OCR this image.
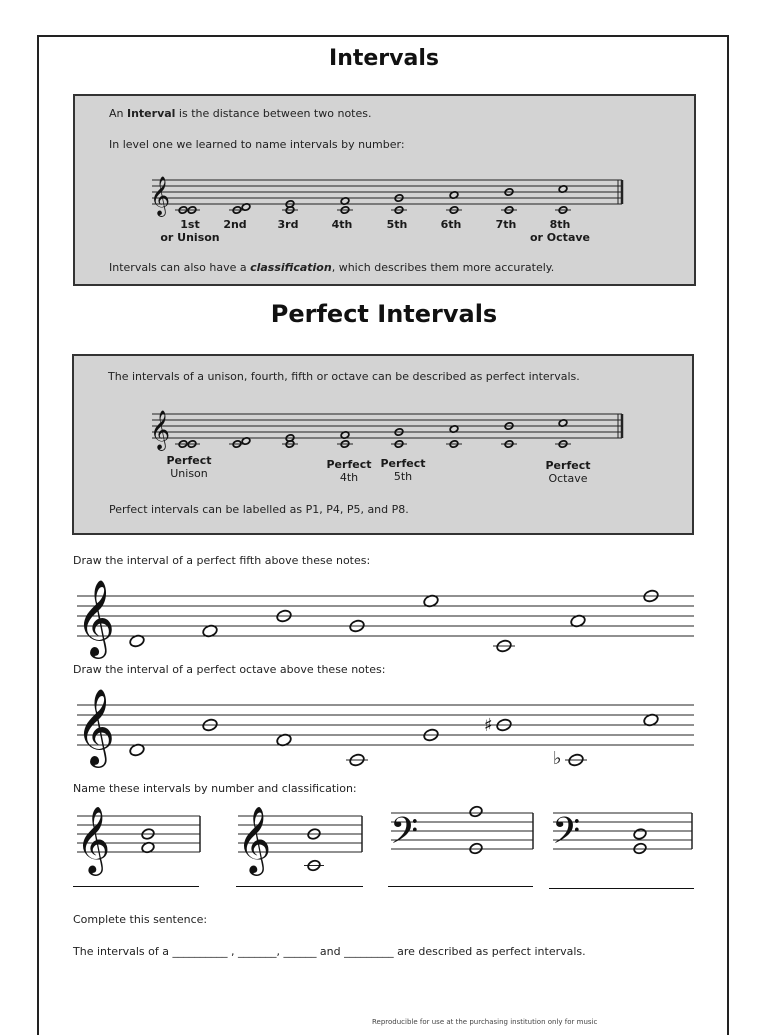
Intervals
An Interval is the distance between two notes.
In level one we learned to name intervals by number:
1st
or Unison
2nd	3rd	4th	5th	6th	7th	8th
or Octave
Intervals can also have a classification, which describes them more accurately.
Perfect Intervals
The intervals of a unison, fourth, fifth or octave can be described as perfect intervals.
Perfect
Unison
Perfect
4th
Perfect
5th
Perfect
Octave
Perfect intervals can be labelled as P1, P4, P5, and P8.
Draw the interval of a perfect fifth above these notes:
Draw the interval of a perfect octave above these notes:
Name these intervals by number and classification:
Complete this sentence:
The intervals of a __________ , _______, ______ and _________ are described as perfect intervals.
Reproducible for use at the purchasing institution only for music
𝄞
𝄞
𝄞
𝄞	♯
♭
𝄞 𝄞	𝄢	𝄢
